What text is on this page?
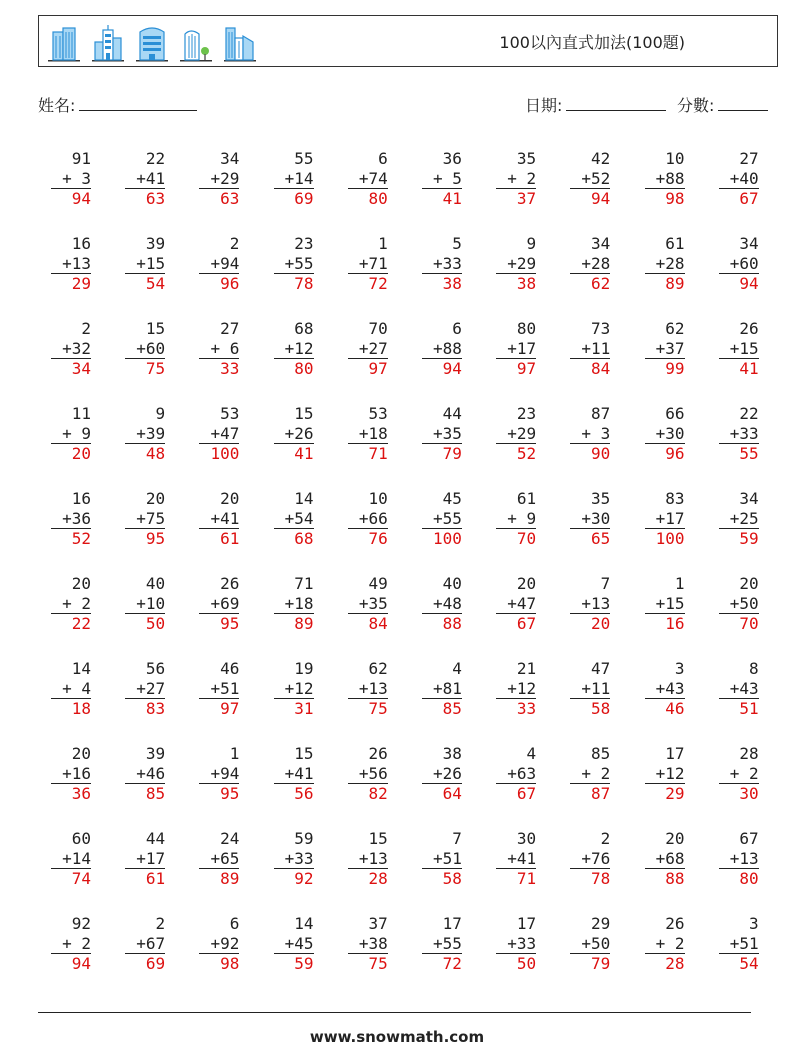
100以內直式加法(100題)
姓名:	日期:	分數:
91
+ 3
94
22
+41
63
34
+29
63
55
+14
69
6
+74
80
36
+ 5
41
35
+ 2
37
42
+52
94
10
+88
98
27
+40
67
16
+13
29
39
+15
54
2
+94
96
23
+55
78
1
+71
72
5
+33
38
9
+29
38
34
+28
62
61
+28
89
34
+60
94
2
+32
34
15
+60
75
27
+ 6
33
68
+12
80
70
+27
97
6
+88
94
80
+17
97
73
+11
84
62
+37
99
26
+15
41
11
+ 9
20
9
+39
48
53
+47
100
15
+26
41
53
+18
71
44
+35
79
23
+29
52
87
+ 3
90
66
+30
96
22
+33
55
16
+36
52
20
+75
95
20
+41
61
14
+54
68
10
+66
76
45
+55
100
61
+ 9
70
35
+30
65
83
+17
100
34
+25
59
20
+ 2
22
40
+10
50
26
+69
95
71
+18
89
49
+35
84
40
+48
88
20
+47
67
7
+13
20
1
+15
16
20
+50
70
14
+ 4
18
56
+27
83
46
+51
97
19
+12
31
62
+13
75
4
+81
85
21
+12
33
47
+11
58
3
+43
46
8
+43
51
20
+16
36
39
+46
85
1
+94
95
15
+41
56
26
+56
82
38
+26
64
4
+63
67
85
+ 2
87
17
+12
29
28
+ 2
30
60
+14
74
44
+17
61
24
+65
89
59
+33
92
15
+13
28
7
+51
58
30
+41
71
2
+76
78
20
+68
88
67
+13
80
92
+ 2
94
2
+67
69
6
+92
98
14
+45
59
37
+38
75
17
+55
72
17
+33
50
29
+50
79
26
+ 2
28
3
+51
54
www.snowmath.com
